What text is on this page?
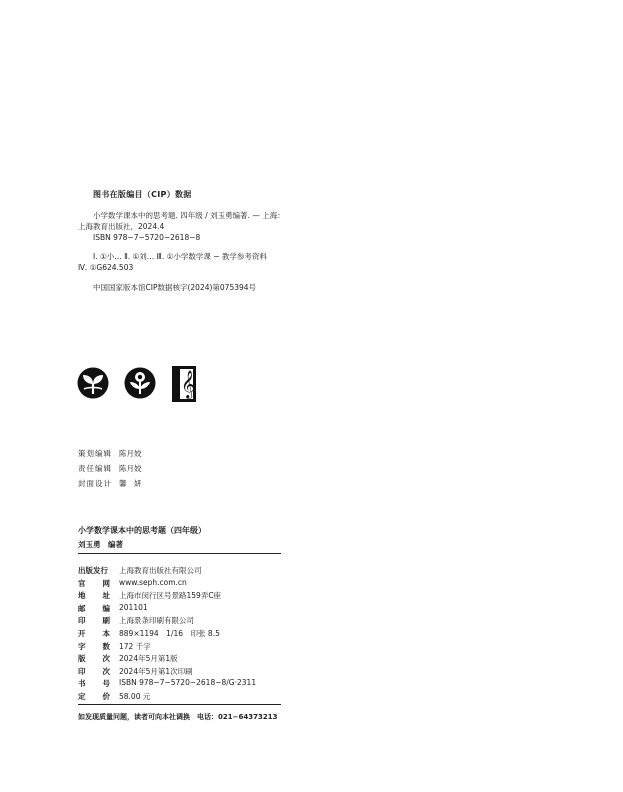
图书在版编目（CIP）数据
小学数学课本中的思考题. 四年级 / 刘玉勇编著. — 上海：
上海教育出版社，2024.4
ISBN 978−7−5720−2618−8
Ⅰ. ①小… Ⅱ. ①刘… Ⅲ. ①小学数学课 − 教学参考资料
Ⅳ. ①G624.503
中国国家版本馆CIP数据核字(2024)第075394号
𝄞
策划编辑 陈月姣
责任编辑 陈月姣
封面设计 馨　妍
小学数学课本中的思考题（四年级）
刘玉勇　编著
出版发行 上海教育出版社有限公司
官 网 www.seph.com.cn
地 址 上海市闵行区号景路159弄C座
邮 编 201101
印 刷 上海景条印刷有限公司
开 本 889×1194　1/16　印张 8.5
字 数 172 千字
版 次 2024年5月第1版
印 次 2024年5月第1次印刷
书 号 ISBN 978−7−5720−2618−8/G·2311
定 价 58.00 元
如发现质量问题，读者可向本社调换　电话：021−64373213
